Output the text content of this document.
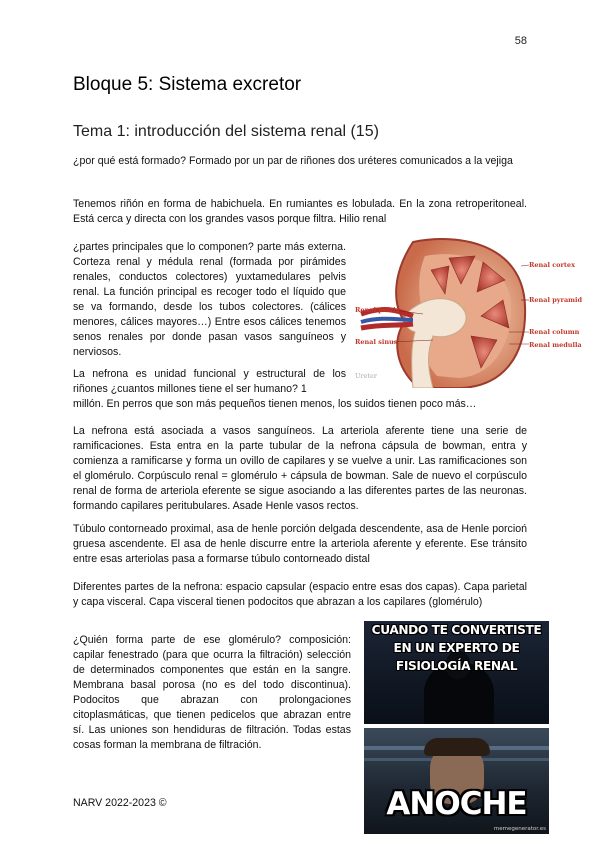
58
Bloque 5: Sistema excretor
Tema 1: introducción del sistema renal (15)

¿por qué está formado? Formado por un par de riñones dos uréteres comunicados a la vejiga

Tenemos riñón en forma de habichuela. En rumiantes es lobulada. En la zona retroperitoneal. Está cerca y directa con los grandes vasos porque filtra. Hilio renal

¿partes principales que lo componen? parte más externa. Corteza renal y médula renal (formada por pirámides renales, conductos colectores) yuxtamedulares pelvis renal. La función principal es recoger todo el líquido que se va formando, desde los tubos colectores. (cálices menores, cálices mayores…) Entre esos cálices tenemos senos renales por donde pasan vasos sanguíneos y nerviosos.

La nefrona es unidad funcional y estructural de los riñones ¿cuantos millones tiene el ser humano? 1

millón. En perros que son más pequeños tienen menos, los suidos tienen poco más…

La nefrona está asociada a vasos sanguíneos. La arteriola aferente tiene una serie de ramificaciones. Esta entra en la parte tubular de la nefrona cápsula de bowman, entra y comienza a ramificarse y forma un ovillo de capilares y se vuelve a unir. Las ramificaciones son el glomérulo. Corpúsculo renal = glomérulo + cápsula de bowman. Sale de nuevo el corpúsculo renal de forma de arteriola eferente se sigue asociando a las diferentes partes de las neuronas. formando capilares peritubulares. Asade Henle vasos rectos.

Túbulo contorneado proximal, asa de henle porción delgada descendente, asa de Henle porcioń gruesa ascendente. El asa de henle discurre entre la arteriola aferente y eferente. Ese tránsito entre esas arteriolas pasa a formarse túbulo contorneado distal

Diferentes partes de la nefrona: espacio capsular (espacio entre esas dos capas). Capa parietal y capa visceral. Capa visceral tienen podocitos que abrazan a los capilares (glomérulo)

¿Quién forma parte de ese glomérulo? composición: capilar fenestrado (para que ocurra la filtración) selección de determinados componentes que están en la sangre. Membrana basal porosa (no es del todo discontinua). Podocitos que abrazan con prolongaciones citoplasmáticas, que tienen pedicelos que abrazan entre sí. Las uniones son hendiduras de filtración. Todas estas cosas forman la membrana de filtración.

Renal cortex
Renal pyramid
Renal column
Renal medulla
Renal pelvis
Renal sinus
Ureter
CUANDO TE CONVERTISTE EN UN EXPERTO DE FISIOLOGÍA RENAL
ANOCHE
memegenerator.es
NARV 2022-2023 ©
